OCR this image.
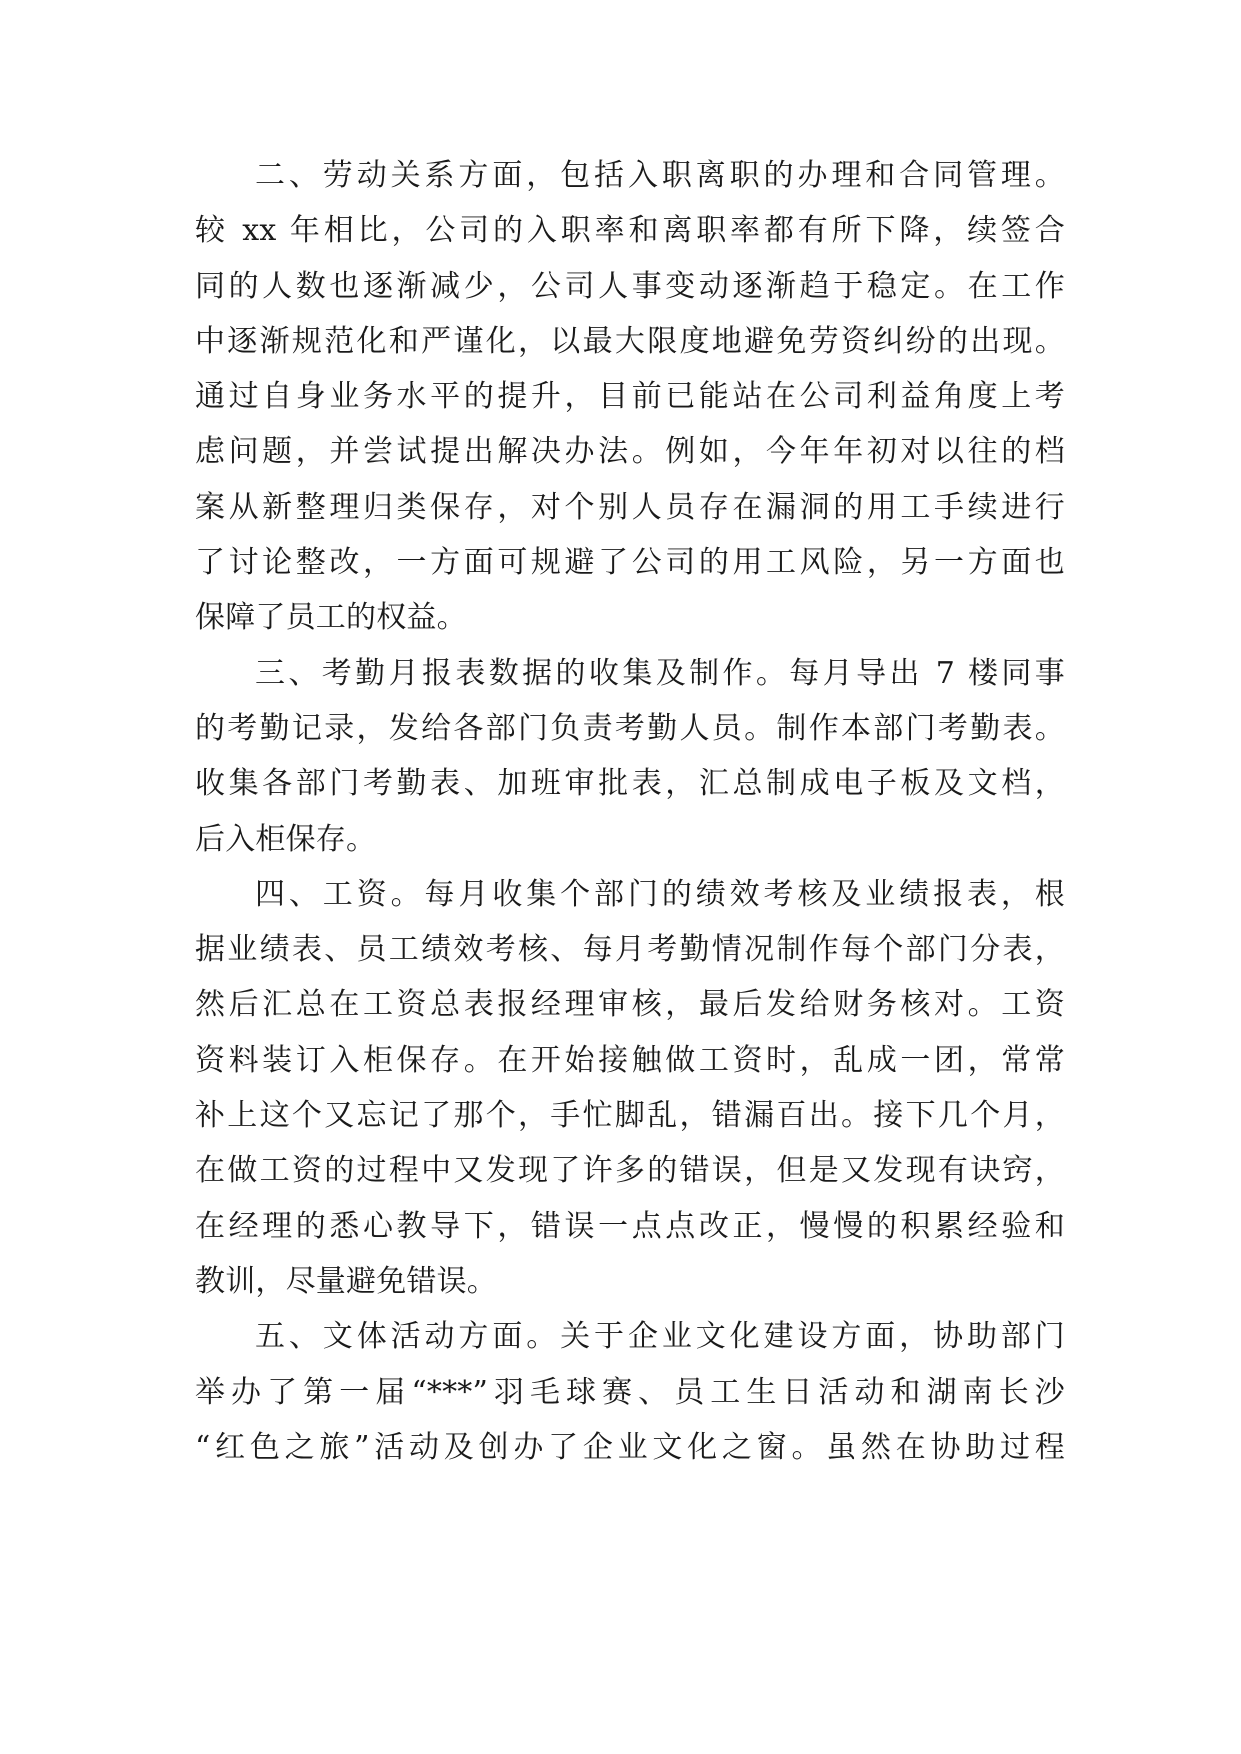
二、劳动关系方面，包括入职离职的办理和合同管理。
较 xx 年相比，公司的入职率和离职率都有所下降，续签合
同的人数也逐渐减少，公司人事变动逐渐趋于稳定。在工作
中逐渐规范化和严谨化，以最大限度地避免劳资纠纷的出现。
通过自身业务水平的提升，目前已能站在公司利益角度上考
虑问题，并尝试提出解决办法。例如，今年年初对以往的档
案从新整理归类保存，对个别人员存在漏洞的用工手续进行
了讨论整改，一方面可规避了公司的用工风险，另一方面也
保障了员工的权益。
三、考勤月报表数据的收集及制作。每月导出 7 楼同事
的考勤记录，发给各部门负责考勤人员。制作本部门考勤表。
收集各部门考勤表、加班审批表，汇总制成电子板及文档，
后入柜保存。
四、工资。每月收集个部门的绩效考核及业绩报表，根
据业绩表、员工绩效考核、每月考勤情况制作每个部门分表，
然后汇总在工资总表报经理审核，最后发给财务核对。工资
资料装订入柜保存。在开始接触做工资时，乱成一团，常常
补上这个又忘记了那个，手忙脚乱，错漏百出。接下几个月，
在做工资的过程中又发现了许多的错误，但是又发现有诀窍，
在经理的悉心教导下，错误一点点改正，慢慢的积累经验和
教训，尽量避免错误。
五、文体活动方面。关于企业文化建设方面，协助部门
举办了第一届“***”羽毛球赛、员工生日活动和湖南长沙
“红色之旅”活动及创办了企业文化之窗。虽然在协助过程
